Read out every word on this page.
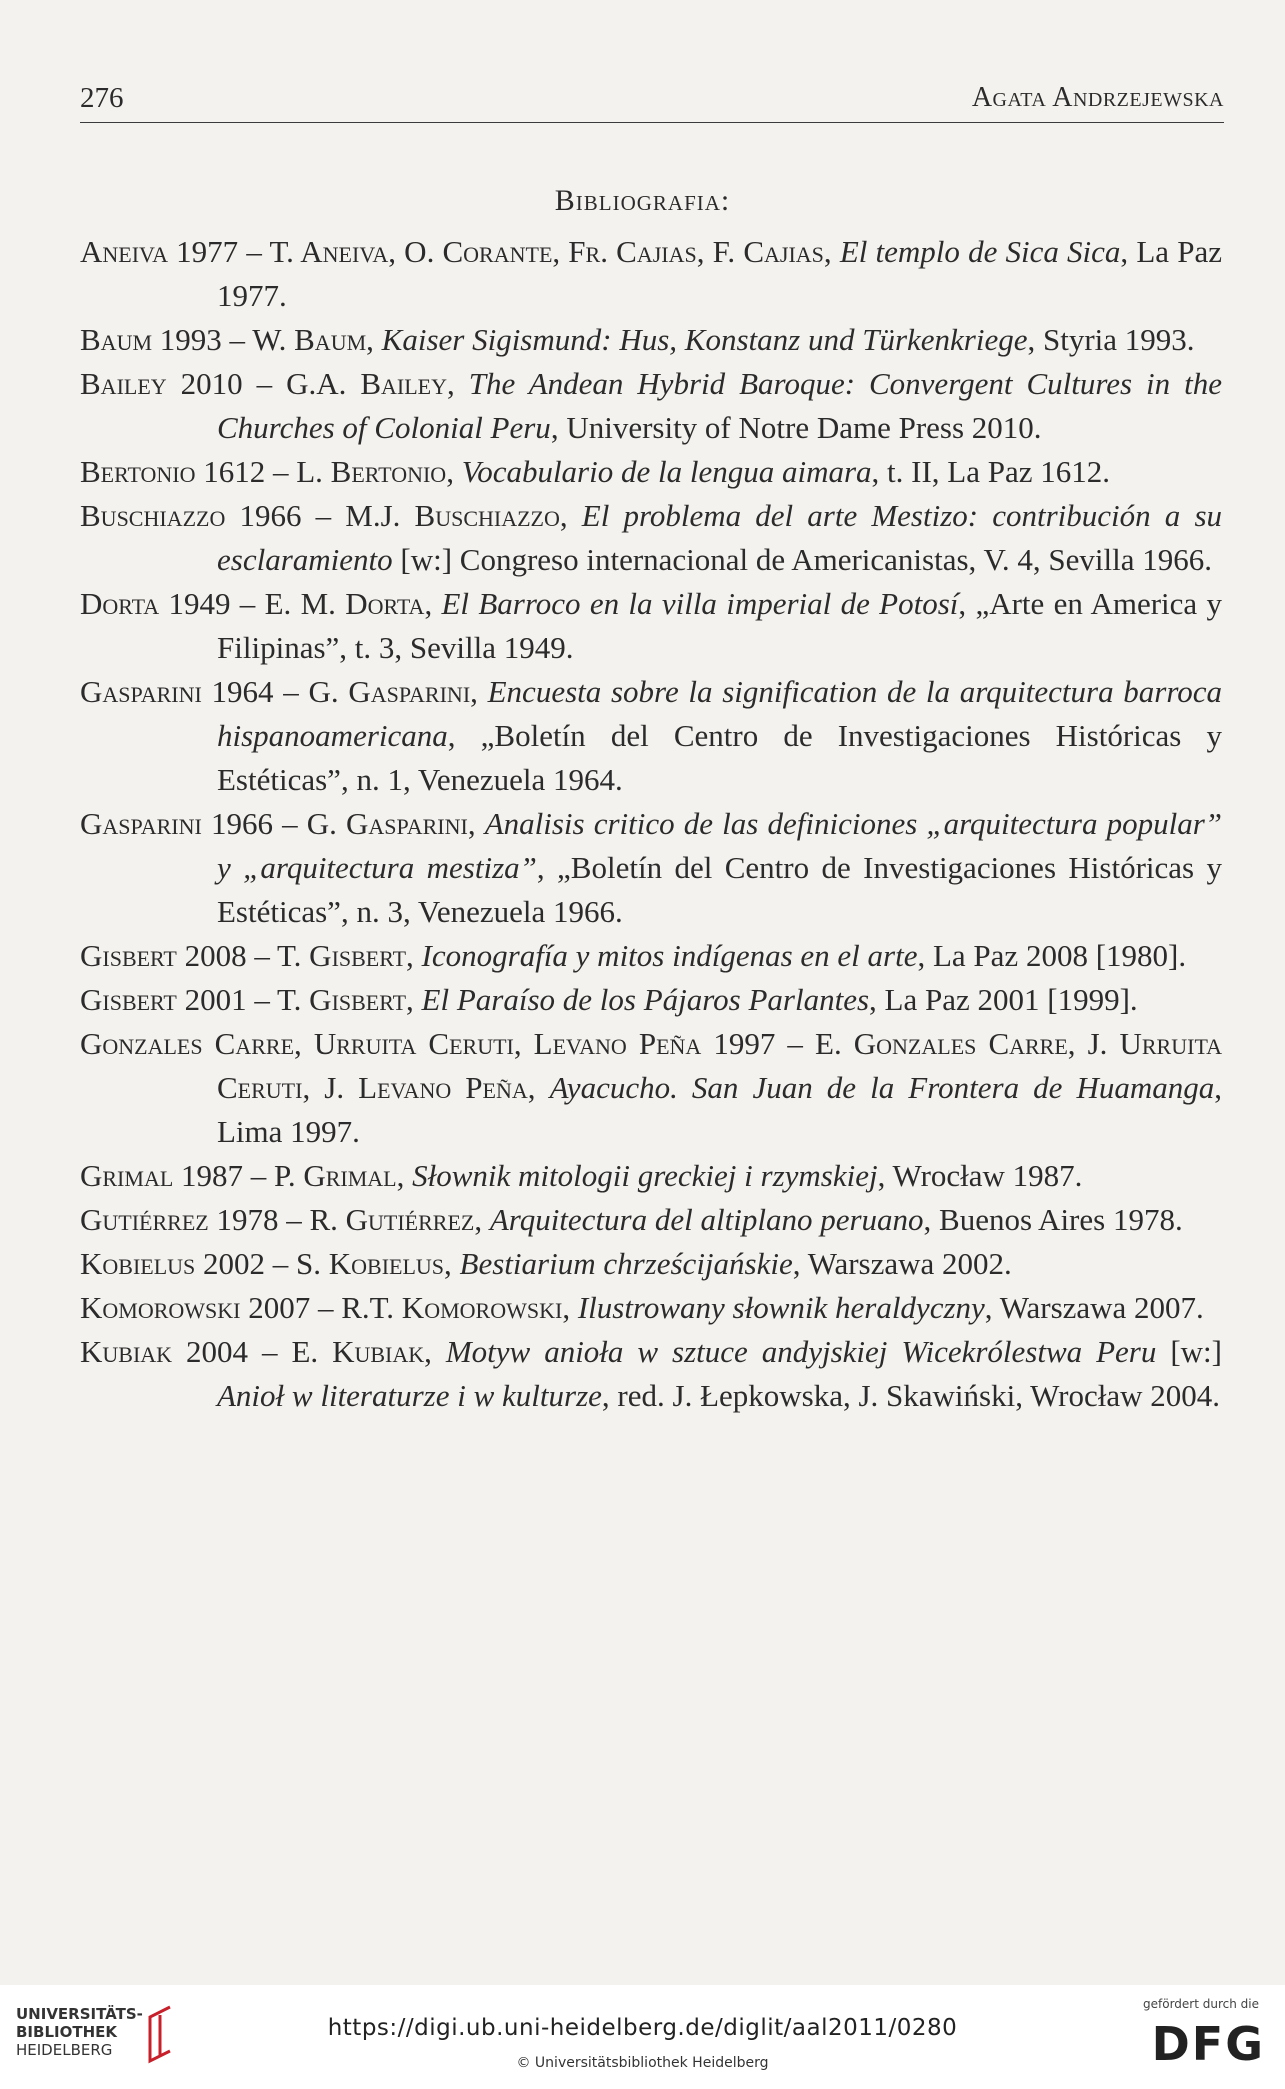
276	Agata Andrzejewska
Bibliografia:
Aneiva 1977 – T. Aneiva, O. Corante, Fr. Cajias, F. Cajias, El templo de Sica Sica, La Paz 1977.
Baum 1993 – W. Baum, Kaiser Sigismund: Hus, Konstanz und Türkenkriege, Styria 1993.
Bailey 2010 – G.A. Bailey, The Andean Hybrid Baroque: Convergent Cultures in the Churches of Colonial Peru, University of Notre Dame Press 2010.
Bertonio 1612 – L. Bertonio, Vocabulario de la lengua aimara, t. II, La Paz 1612.
Buschiazzo 1966 – M.J. Buschiazzo, El problema del arte Mestizo: contribución a su esclaramiento [w:] Congreso internacional de Americanistas, V. 4, Sevilla 1966.
Dorta 1949 – E. M. Dorta, El Barroco en la villa imperial de Potosí, „Arte en America y Filipinas”, t. 3, Sevilla 1949.
Gasparini 1964 – G. Gasparini, Encuesta sobre la signification de la arquitectura barroca hispanoamericana, „Boletín del Centro de Investigaciones Históricas y Estéticas”, n. 1, Venezuela 1964.
Gasparini 1966 – G. Gasparini, Analisis critico de las definiciones „arquitectura popular” y „arquitectura mestiza”, „Boletín del Centro de Investigaciones Históricas y Estéticas”, n. 3, Venezuela 1966.
Gisbert 2008 – T. Gisbert, Iconografía y mitos indígenas en el arte, La Paz 2008 [1980].
Gisbert 2001 – T. Gisbert, El Paraíso de los Pájaros Parlantes, La Paz 2001 [1999].
Gonzales Carre, Urruita Ceruti, Levano Peña 1997 – E. Gonzales Carre, J. Urruita Ceruti, J. Levano Peña, Ayacucho. San Juan de la Frontera de Huamanga, Lima 1997.
Grimal 1987 – P. Grimal, Słownik mitologii greckiej i rzymskiej, Wrocław 1987.
Gutiérrez 1978 – R. Gutiérrez, Arquitectura del altiplano peruano, Buenos Aires 1978.
Kobielus 2002 – S. Kobielus, Bestiarium chrześcijańskie, Warszawa 2002.
Komorowski 2007 – R.T. Komorowski, Ilustrowany słownik heraldyczny, Warszawa 2007.
Kubiak 2004 – E. Kubiak, Motyw anioła w sztuce andyjskiej Wicekrólestwa Peru [w:] Anioł w literaturze i w kulturze, red. J. Łepkowska, J. Skawiński, Wrocław 2004.
UNIVERSITÄTS-
BIBLIOTHEK
HEIDELBERG
https://digi.ub.uni-heidelberg.de/diglit/aal2011/0280
© Universitätsbibliothek Heidelberg
gefördert durch die
DFG
